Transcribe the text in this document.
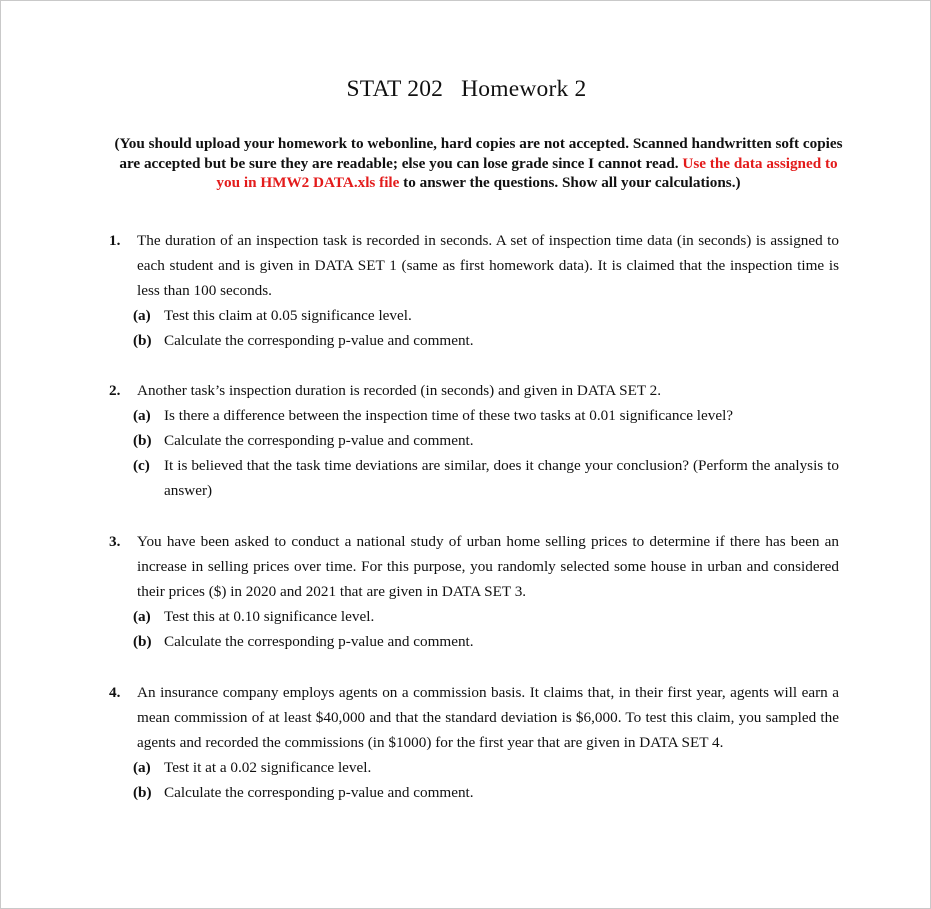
STAT 202 Homework 2
(You should upload your homework to webonline, hard copies are not accepted. Scanned handwritten soft copies are accepted but be sure they are readable; else you can lose grade since I cannot read. Use the data assigned to you in HMW2 DATA.xls file to answer the questions. Show all your calculations.)
1. The duration of an inspection task is recorded in seconds. A set of inspection time data (in seconds) is assigned to each student and is given in DATA SET 1 (same as first homework data). It is claimed that the inspection time is less than 100 seconds.
(a) Test this claim at 0.05 significance level.
(b) Calculate the corresponding p-value and comment.
2. Another task’s inspection duration is recorded (in seconds) and given in DATA SET 2.
(a) Is there a difference between the inspection time of these two tasks at 0.01 significance level?
(b) Calculate the corresponding p-value and comment.
(c) It is believed that the task time deviations are similar, does it change your conclusion? (Perform the analysis to answer)
3. You have been asked to conduct a national study of urban home selling prices to determine if there has been an increase in selling prices over time. For this purpose, you randomly selected some house in urban and considered their prices ($) in 2020 and 2021 that are given in DATA SET 3.
(a) Test this at 0.10 significance level.
(b) Calculate the corresponding p-value and comment.
4. An insurance company employs agents on a commission basis. It claims that, in their first year, agents will earn a mean commission of at least $40,000 and that the standard deviation is $6,000. To test this claim, you sampled the agents and recorded the commissions (in $1000) for the first year that are given in DATA SET 4.
(a) Test it at a 0.02 significance level.
(b) Calculate the corresponding p-value and comment.
